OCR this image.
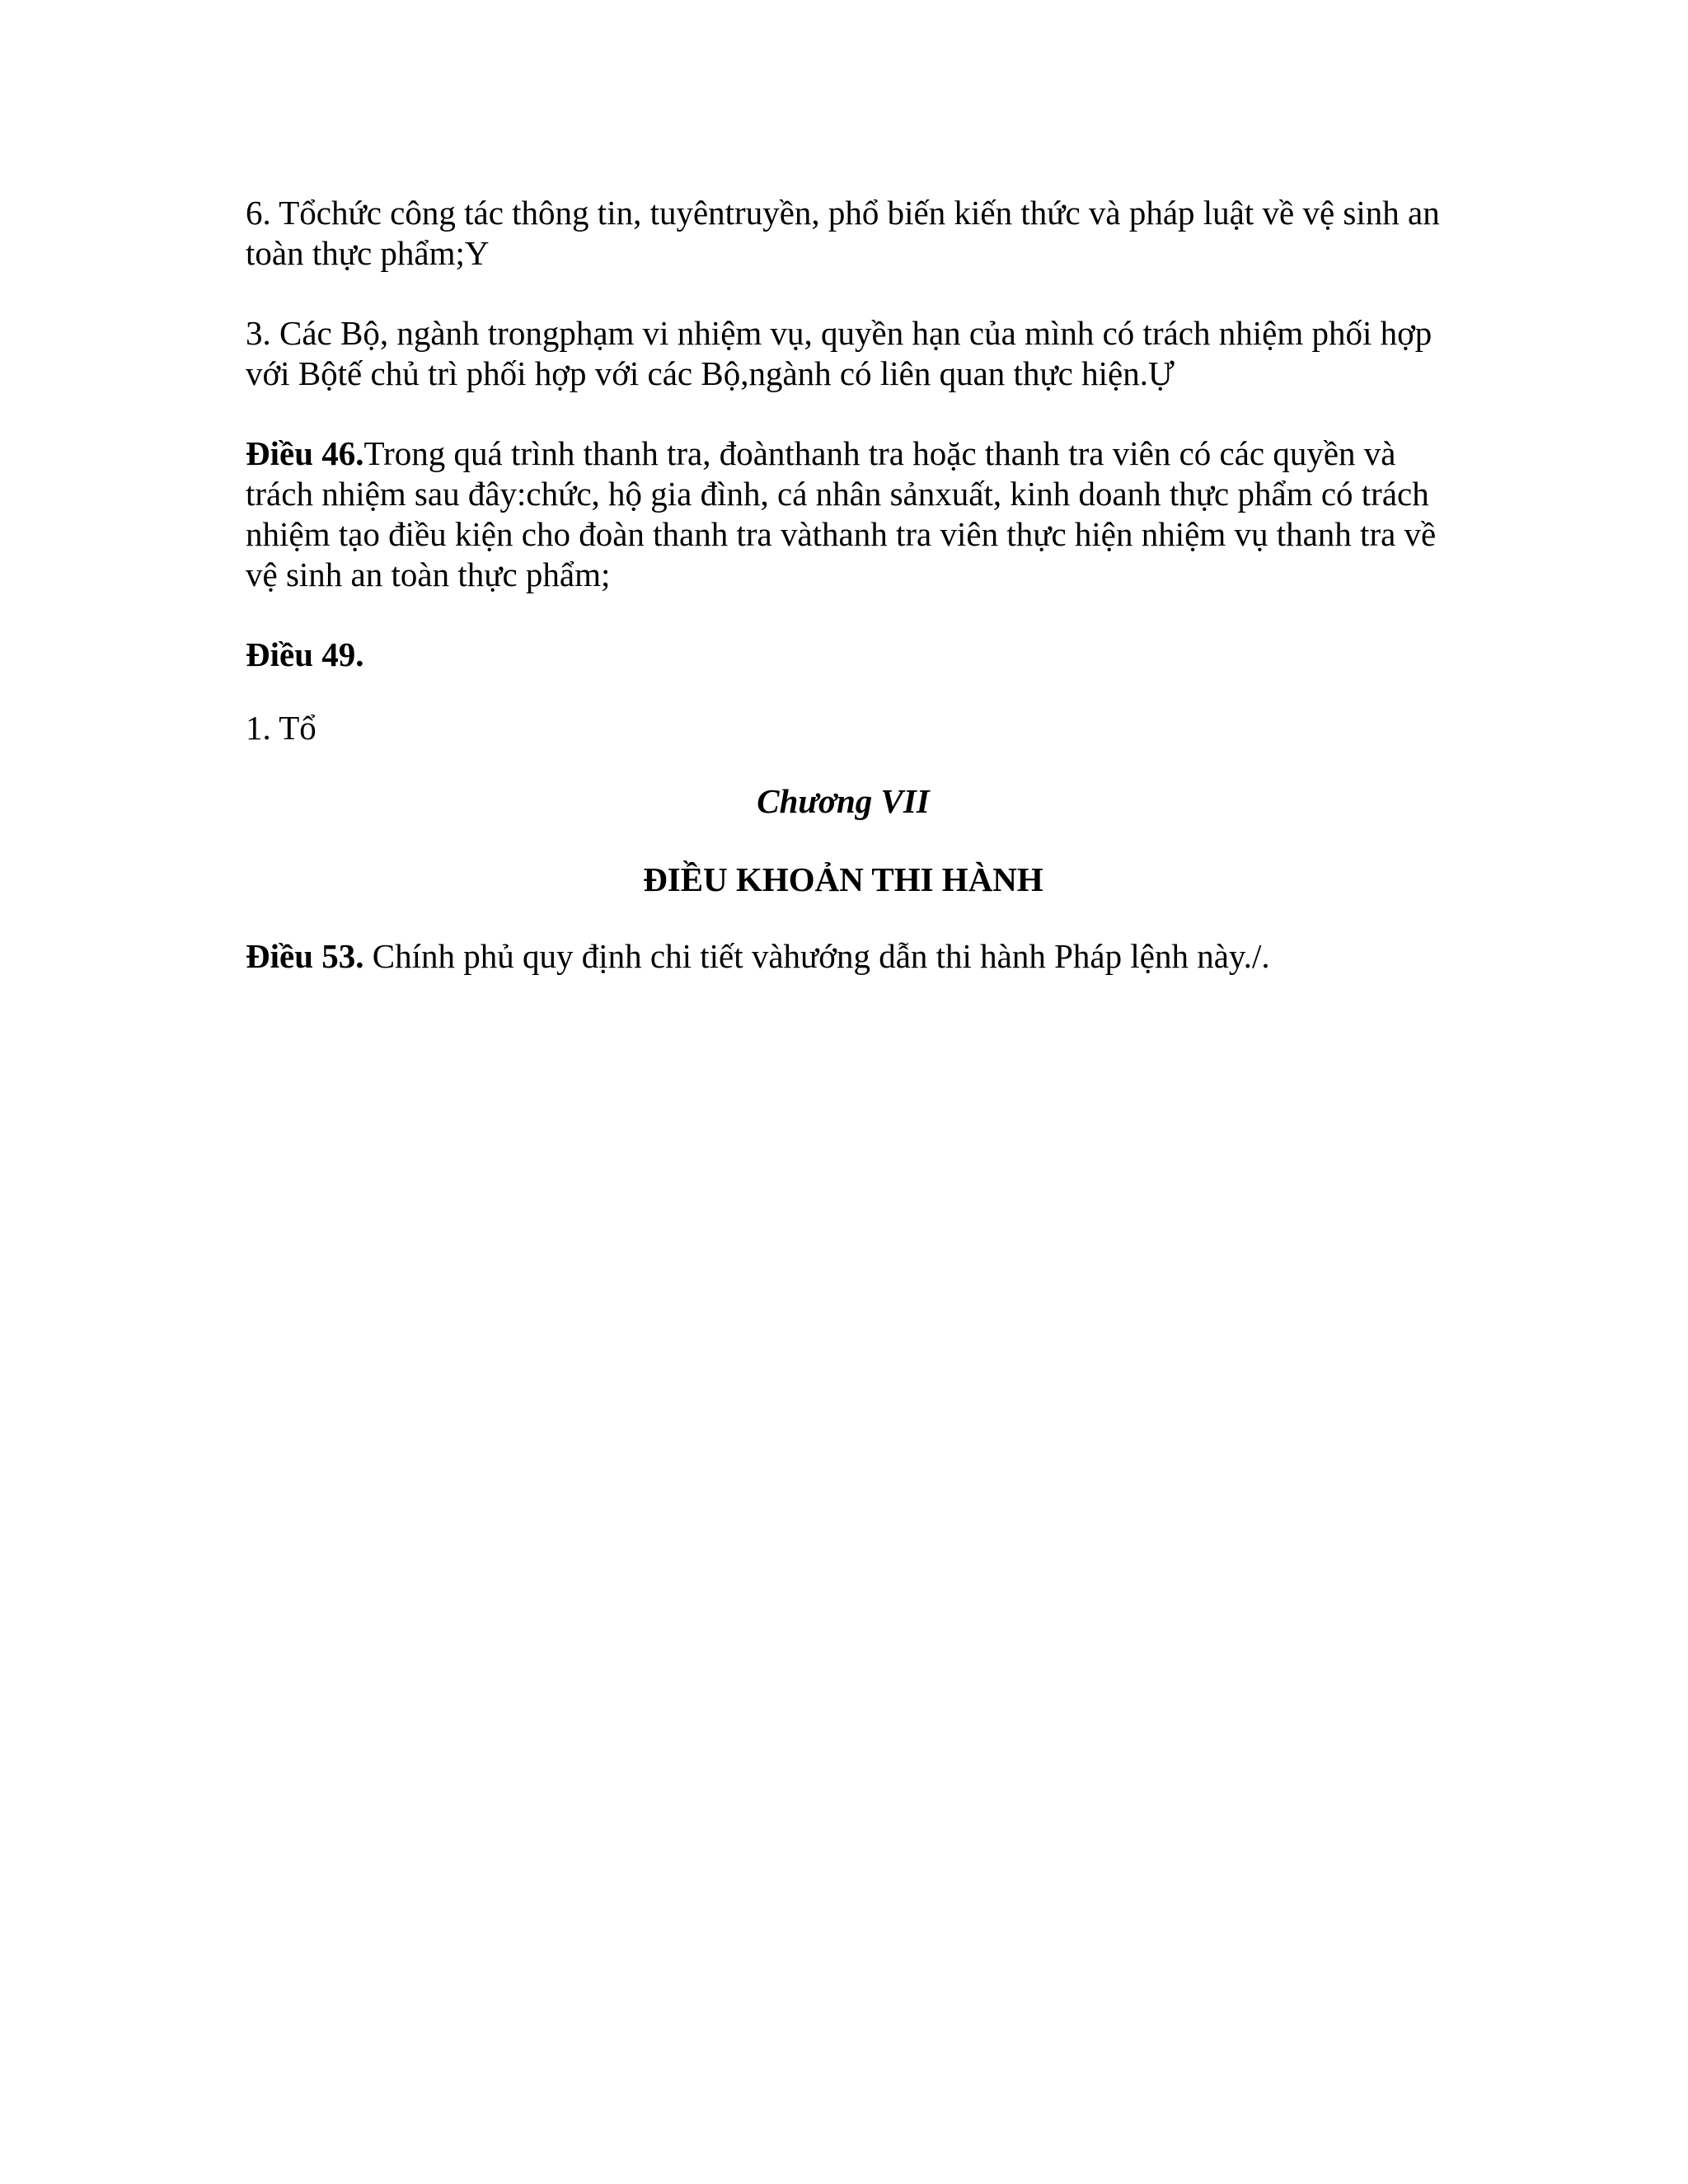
6. Tổchức công tác thông tin, tuyêntruyền, phổ biến kiến thức và pháp luật về vệ sinh an toàn thực phẩm;Y

3. Các Bộ, ngành trongphạm vi nhiệm vụ, quyền hạn của mình có trách nhiệm phối hợp với Bộtế chủ trì phối hợp với các Bộ,ngành có liên quan thực hiện.Ự

Điều 46.Trong quá trình thanh tra, đoànthanh tra hoặc thanh tra viên có các quyền và trách nhiệm sau đây:chức, hộ gia đình, cá nhân sảnxuất, kinh doanh thực phẩm có trách nhiệm tạo điều kiện cho đoàn thanh tra vàthanh tra viên thực hiện nhiệm vụ thanh tra về vệ sinh an toàn thực phẩm;

Điều 49.

1. Tổ

Chương VII

ĐIỀU KHOẢN THI HÀNH

Điều 53. Chính phủ quy định chi tiết vàhướng dẫn thi hành Pháp lệnh này./.
